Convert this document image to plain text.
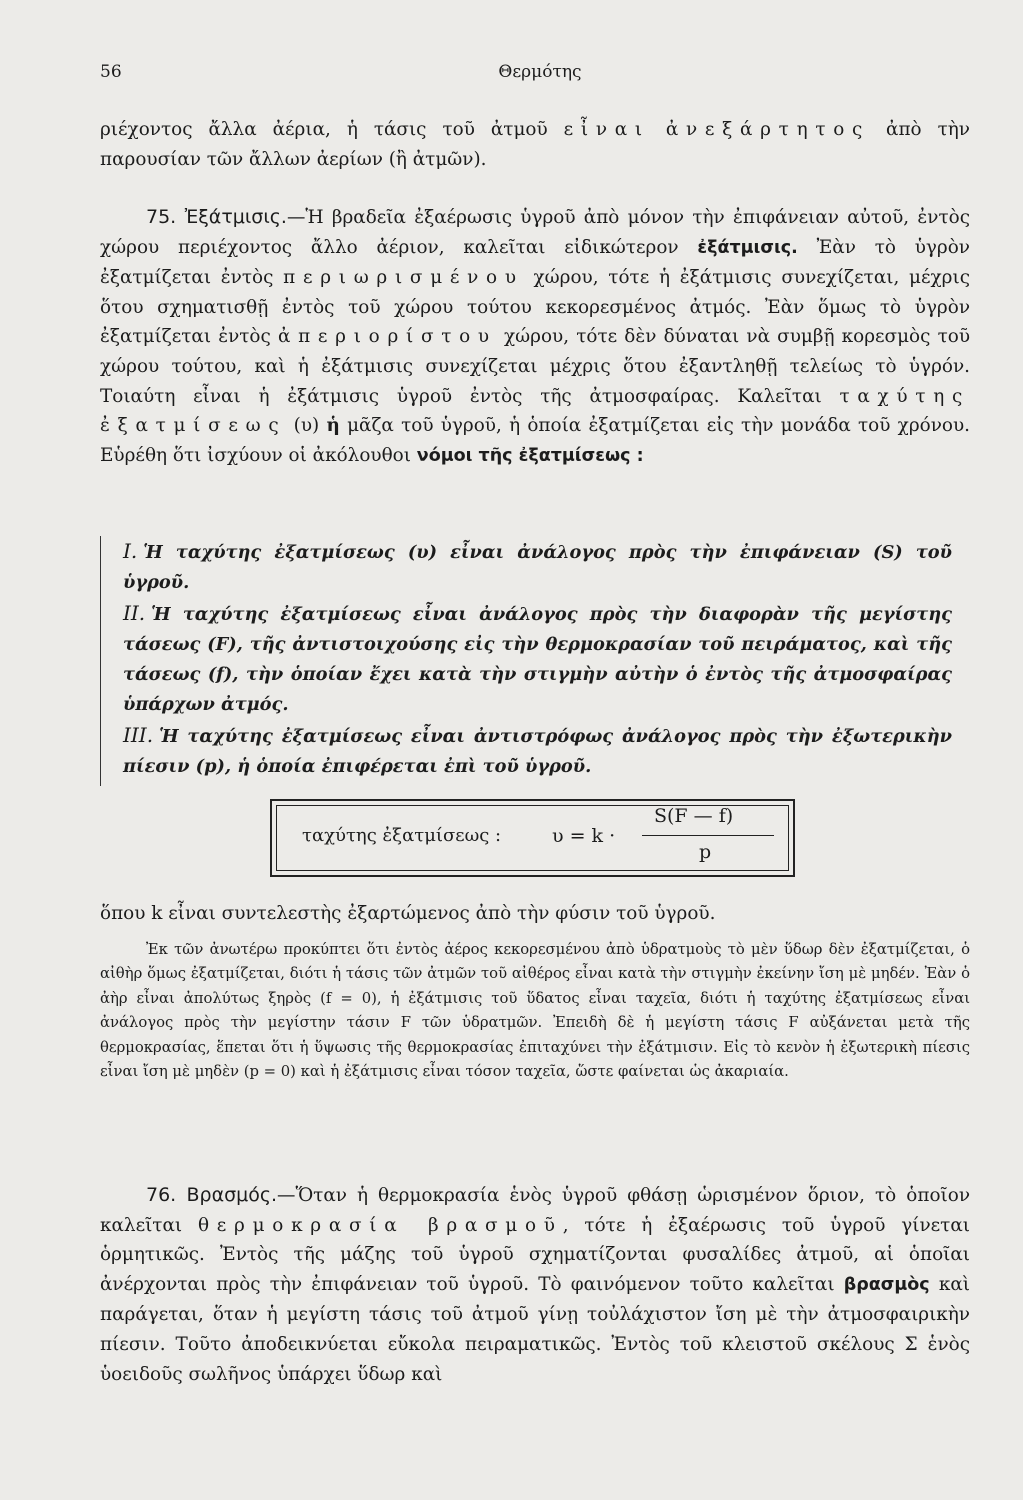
56	Θερμότης

ριέχοντος ἄλλα ἀέρια, ἡ τάσις τοῦ ἀτμοῦ εἶναι ἀνεξάρτητος ἀπὸ τὴν παρουσίαν τῶν ἄλλων ἀερίων (ἢ ἀτμῶν).

75. Ἐξάτμισις.—Ἡ βραδεῖα ἐξαέρωσις ὑγροῦ ἀπὸ μόνον τὴν ἐπιφάνειαν αὐτοῦ, ἐντὸς χώρου περιέχοντος ἄλλο ἀέριον, καλεῖται εἰδικώτερον ἐξάτμισις. Ἐὰν τὸ ὑγρὸν ἐξατμίζεται ἐντὸς περιωρισμένου χώρου, τότε ἡ ἐξάτμισις συνεχίζεται, μέχρις ὅτου σχηματισθῇ ἐντὸς τοῦ χώρου τούτου κεκορεσμένος ἀτμός. Ἐὰν ὅμως τὸ ὑγρὸν ἐξατμίζεται ἐντὸς ἀπεριορίστου χώρου, τότε δὲν δύναται νὰ συμβῇ κορεσμὸς τοῦ χώρου τούτου, καὶ ἡ ἐξάτμισις συνεχίζεται μέχρις ὅτου ἐξαντληθῇ τελείως τὸ ὑγρόν. Τοιαύτη εἶναι ἡ ἐξάτμισις ὑγροῦ ἐντὸς τῆς ἀτμοσφαίρας. Καλεῖται ταχύτης ἐξατμίσεως (υ) ἡ μᾶζα τοῦ ὑγροῦ, ἡ ὁποία ἐξατμίζεται εἰς τὴν μονάδα τοῦ χρόνου. Εὑρέθη ὅτι ἰσχύουν οἱ ἀκόλουθοι νόμοι τῆς ἐξατμίσεως :

I. Ἡ ταχύτης ἐξατμίσεως (υ) εἶναι ἀνάλογος πρὸς τὴν ἐπιφάνειαν (S) τοῦ ὑγροῦ.

II. Ἡ ταχύτης ἐξατμίσεως εἶναι ἀνάλογος πρὸς τὴν διαφορὰν τῆς μεγίστης τάσεως (F), τῆς ἀντιστοιχούσης εἰς τὴν θερμοκρασίαν τοῦ πειράματος, καὶ τῆς τάσεως (f), τὴν ὁποίαν ἔχει κατὰ τὴν στιγμὴν αὐτὴν ὁ ἐντὸς τῆς ἀτμοσφαίρας ὑπάρχων ἀτμός.

III. Ἡ ταχύτης ἐξατμίσεως εἶναι ἀντιστρόφως ἀνάλογος πρὸς τὴν ἐξωτερικὴν πίεσιν (p), ἡ ὁποία ἐπιφέρεται ἐπὶ τοῦ ὑγροῦ.

ταχύτης ἐξατμίσεως :	υ = k ·
S(F — f)
p

ὅπου k εἶναι συντελεστὴς ἐξαρτώμενος ἀπὸ τὴν φύσιν τοῦ ὑγροῦ.

Ἐκ τῶν ἀνωτέρω προκύπτει ὅτι ἐντὸς ἀέρος κεκορεσμένου ἀπὸ ὑδρατμοὺς τὸ μὲν ὕδωρ δὲν ἐξατμίζεται, ὁ αἰθὴρ ὅμως ἐξατμίζεται, διότι ἡ τάσις τῶν ἀτμῶν τοῦ αἰθέρος εἶναι κατὰ τὴν στιγμὴν ἐκείνην ἴση μὲ μηδέν. Ἐὰν ὁ ἀὴρ εἶναι ἀπολύτως ξηρὸς (f = 0), ἡ ἐξάτμισις τοῦ ὕδατος εἶναι ταχεῖα, διότι ἡ ταχύτης ἐξατμίσεως εἶναι ἀνάλογος πρὸς τὴν μεγίστην τάσιν F τῶν ὑδρατμῶν. Ἐπειδὴ δὲ ἡ μεγίστη τάσις F αὐξάνεται μετὰ τῆς θερμοκρασίας, ἕπεται ὅτι ἡ ὕψωσις τῆς θερμοκρασίας ἐπιταχύνει τὴν ἐξάτμισιν. Εἰς τὸ κενὸν ἡ ἐξωτερικὴ πίεσις εἶναι ἴση μὲ μηδὲν (p = 0) καὶ ἡ ἐξάτμισις εἶναι τόσον ταχεῖα, ὥστε φαίνεται ὡς ἀκαριαία.

76. Βρασμός.—Ὅταν ἡ θερμοκρασία ἑνὸς ὑγροῦ φθάσῃ ὡρισμένον ὅριον, τὸ ὁποῖον καλεῖται θερμοκρασία βρασμοῦ, τότε ἡ ἐξαέρωσις τοῦ ὑγροῦ γίνεται ὁρμητικῶς. Ἐντὸς τῆς μάζης τοῦ ὑγροῦ σχηματίζονται φυσαλίδες ἀτμοῦ, αἱ ὁποῖαι ἀνέρχονται πρὸς τὴν ἐπιφάνειαν τοῦ ὑγροῦ. Τὸ φαινόμενον τοῦτο καλεῖται βρασμὸς καὶ παράγεται, ὅταν ἡ μεγίστη τάσις τοῦ ἀτμοῦ γίνῃ τοὐλάχιστον ἴση μὲ τὴν ἀτμοσφαιρικὴν πίεσιν. Τοῦτο ἀποδεικνύεται εὔκολα πειραματικῶς. Ἐντὸς τοῦ κλειστοῦ σκέλους Σ ἑνὸς ὑοειδοῦς σωλῆνος ὑπάρχει ὕδωρ καὶ
